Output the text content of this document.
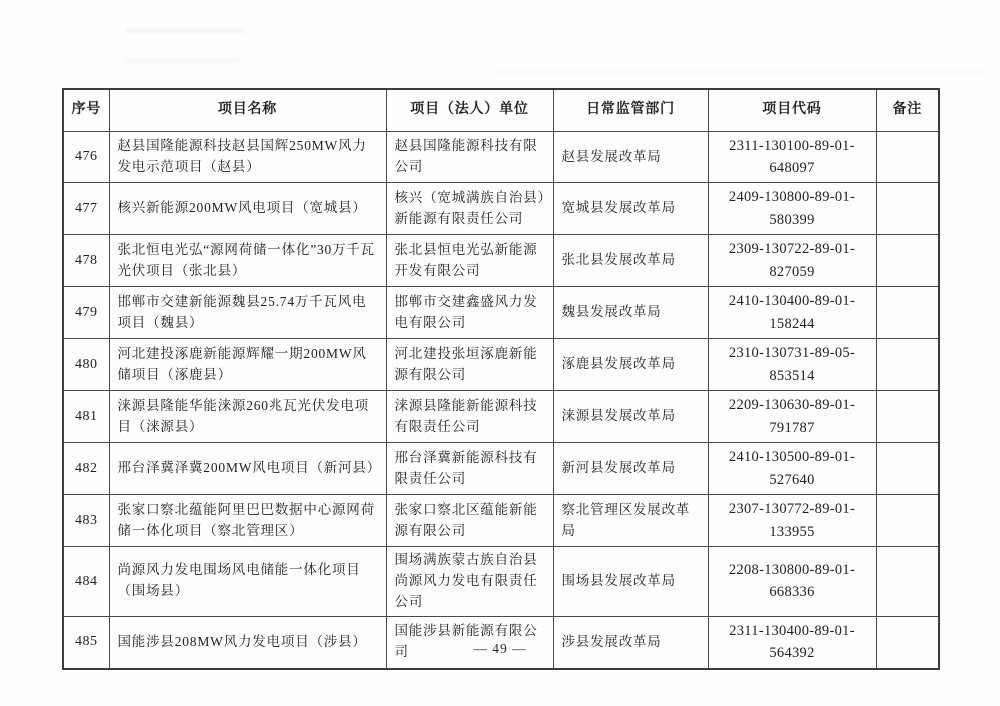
序号	项目名称	项目（法人）单位	日常监管部门	项目代码	备注
476	赵县国隆能源科技赵县国辉250MW风力发电示范项目（赵县）	赵县国隆能源科技有限公司	赵县发展改革局	2311-130100-89-01-648097	
477	核兴新能源200MW风电项目（宽城县）	核兴（宽城满族自治县）新能源有限责任公司	宽城县发展改革局	2409-130800-89-01-580399	
478	张北恒电光弘“源网荷储一体化”30万千瓦光伏项目（张北县）	张北县恒电光弘新能源开发有限公司	张北县发展改革局	2309-130722-89-01-827059	
479	邯郸市交建新能源魏县25.74万千瓦风电项目（魏县）	邯郸市交建鑫盛风力发电有限公司	魏县发展改革局	2410-130400-89-01-158244	
480	河北建投涿鹿新能源辉耀一期200MW风储项目（涿鹿县）	河北建投张垣涿鹿新能源有限公司	涿鹿县发展改革局	2310-130731-89-05-853514	
481	涞源县隆能华能涞源260兆瓦光伏发电项目（涞源县）	涞源县隆能新能源科技有限责任公司	涞源县发展改革局	2209-130630-89-01-791787	
482	邢台泽冀泽冀200MW风电项目（新河县）	邢台泽冀新能源科技有限责任公司	新河县发展改革局	2410-130500-89-01-527640	
483	张家口察北蕴能阿里巴巴数据中心源网荷储一体化项目（察北管理区）	张家口察北区蕴能新能源有限公司	察北管理区发展改革局	2307-130772-89-01-133955	
484	尚源风力发电围场风电储能一体化项目（围场县）	围场满族蒙古族自治县尚源风力发电有限责任公司	围场县发展改革局	2208-130800-89-01-668336	
485	国能涉县208MW风力发电项目（涉县）	国能涉县新能源有限公司	涉县发展改革局	2311-130400-89-01-564392	
— 49 —
